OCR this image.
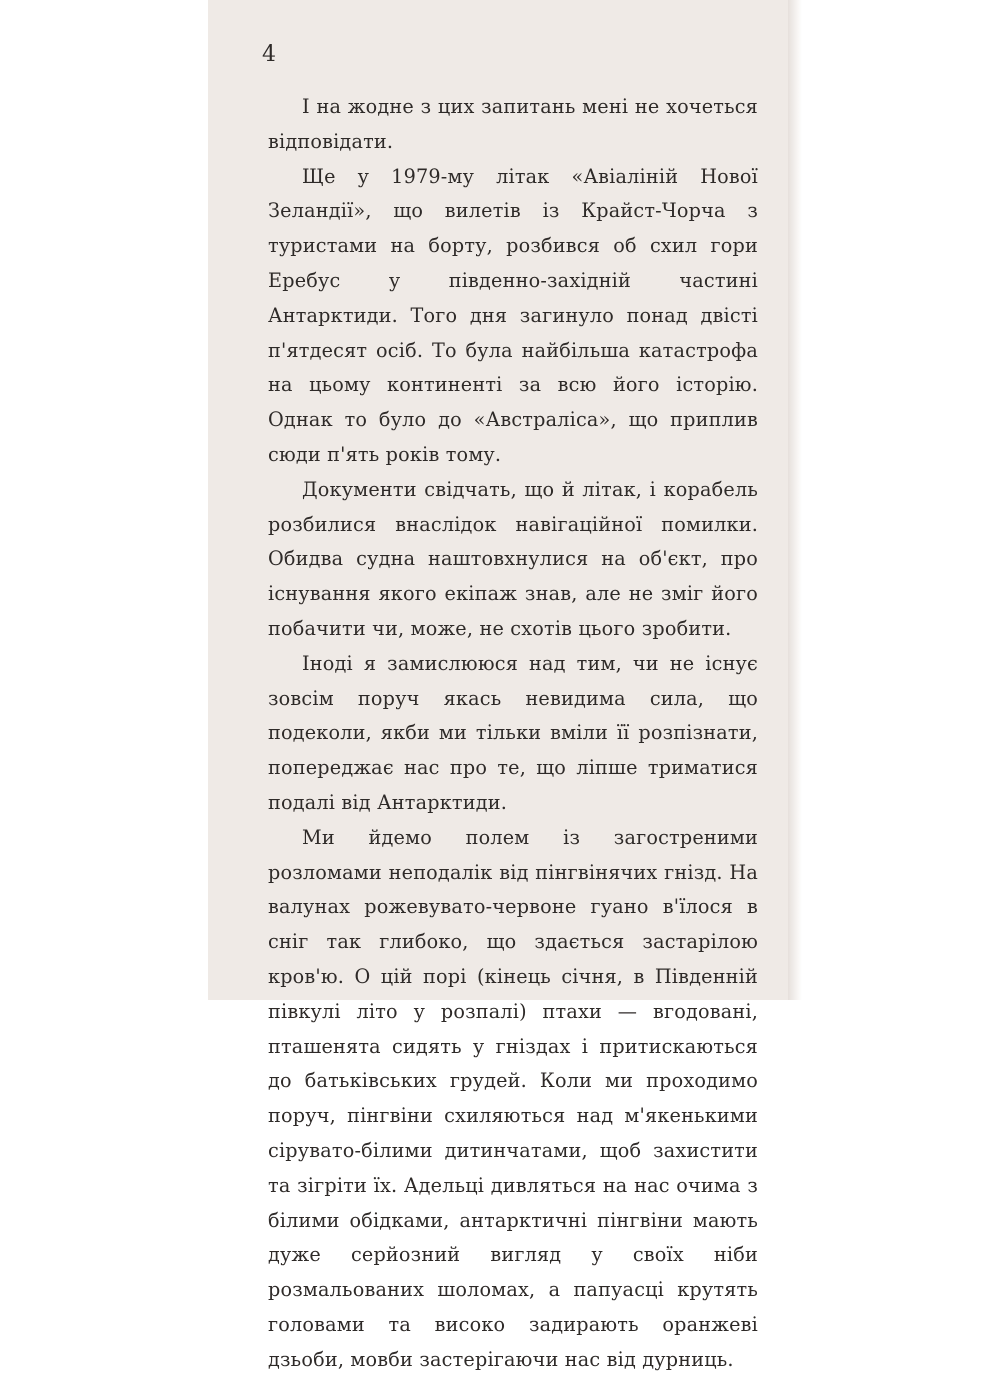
4

І на жодне з цих запитань мені не хочеться відповідати.

Ще у 1979-му літак «Авіаліній Нової Зеландії», що вилетів із Крайст-Чорча з туристами на борту, розбився об схил гори Еребус у південно-західній частині Антарктиди. Того дня загинуло понад двісті п'ятдесят осіб. То була найбільша катастрофа на цьому континенті за всю його історію. Однак то було до «Австраліса», що приплив сюди п'ять років тому.

Документи свідчать, що й літак, і корабель розбилися внаслідок навігаційної помилки. Обидва судна наштовхнулися на об'єкт, про існування якого екіпаж знав, але не зміг його побачити чи, може, не схотів цього зробити.

Іноді я замислююся над тим, чи не існує зовсім поруч якась невидима сила, що подеколи, якби ми тільки вміли її розпізнати, попереджає нас про те, що ліпше триматися подалі від Антарктиди.

Ми йдемо полем із загостреними розломами неподалік від пінгвінячих гнізд. На валунах рожевувато-червоне гуано в'їлося в сніг так глибоко, що здається застарілою кров'ю. О цій порі (кінець січня, в Південній півкулі літо у розпалі) птахи — вгодовані, пташенята сидять у гніздах і притискаються до батьківських грудей. Коли ми проходимо поруч, пінгвіни схиляються над м'якенькими сірувато-білими дитинчатами, щоб захистити та зігріти їх. Адельці дивляться на нас очима з білими обідками, антарктичні пінгвіни мають дуже серйозний вигляд у своїх ніби розмальованих шоломах, а папуасці крутять головами та високо задирають оранжеві дзьоби, мовби застерігаючи нас від дурниць.
